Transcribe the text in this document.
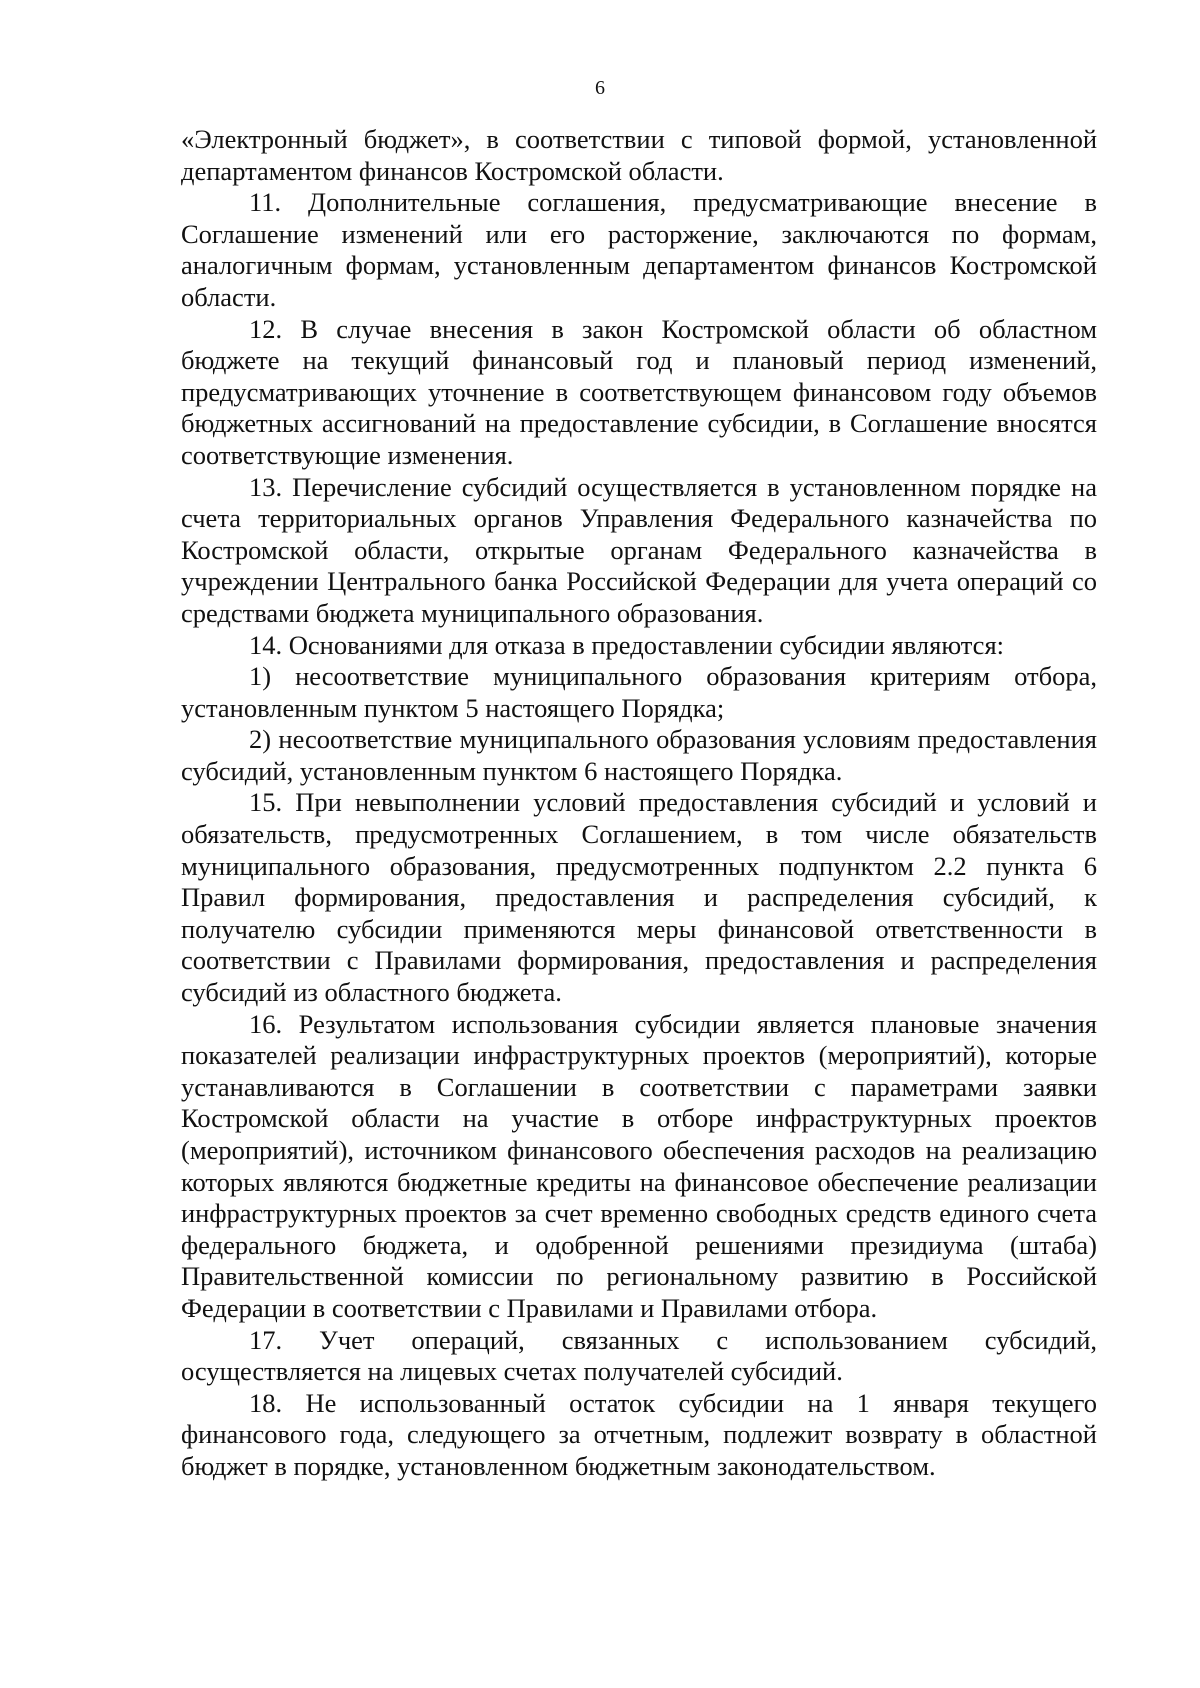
6

«Электронный бюджет», в соответствии с типовой формой, установленной департаментом финансов Костромской области.

11. Дополнительные соглашения, предусматривающие внесение в Соглашение изменений или его расторжение, заключаются по формам, аналогичным формам, установленным департаментом финансов Костромской области.

12. В случае внесения в закон Костромской области об областном бюджете на текущий финансовый год и плановый период изменений, предусматривающих уточнение в соответствующем финансовом году объемов бюджетных ассигнований на предоставление субсидии, в Соглашение вносятся соответствующие изменения.

13. Перечисление субсидий осуществляется в установленном порядке на счета территориальных органов Управления Федерального казначейства по Костромской области, открытые органам Федерального казначейства в учреждении Центрального банка Российской Федерации для учета операций со средствами бюджета муниципального образования.

14. Основаниями для отказа в предоставлении субсидии являются:

1) несоответствие муниципального образования критериям отбора, установленным пунктом 5 настоящего Порядка;

2) несоответствие муниципального образования условиям предоставления субсидий, установленным пунктом 6 настоящего Порядка.

15. При невыполнении условий предоставления субсидий и условий и обязательств, предусмотренных Соглашением, в том числе обязательств муниципального образования, предусмотренных подпунктом 2.2 пункта 6 Правил формирования, предоставления и распределения субсидий, к получателю субсидии применяются меры финансовой ответственности в соответствии с Правилами формирования, предоставления и распределения субсидий из областного бюджета.

16. Результатом использования субсидии является плановые значения показателей реализации инфраструктурных проектов (мероприятий), которые устанавливаются в Соглашении в соответствии с параметрами заявки Костромской области на участие в отборе инфраструктурных проектов (мероприятий), источником финансового обеспечения расходов на реализацию которых являются бюджетные кредиты на финансовое обеспечение реализации инфраструктурных проектов за счет временно свободных средств единого счета федерального бюджета, и одобренной решениями президиума (штаба) Правительственной комиссии по региональному развитию в Российской Федерации в соответствии с Правилами и Правилами отбора.

17. Учет операций, связанных с использованием субсидий, осуществляется на лицевых счетах получателей субсидий.

18. Не использованный остаток субсидии на 1 января текущего финансового года, следующего за отчетным, подлежит возврату в областной бюджет в порядке, установленном бюджетным законодательством.
